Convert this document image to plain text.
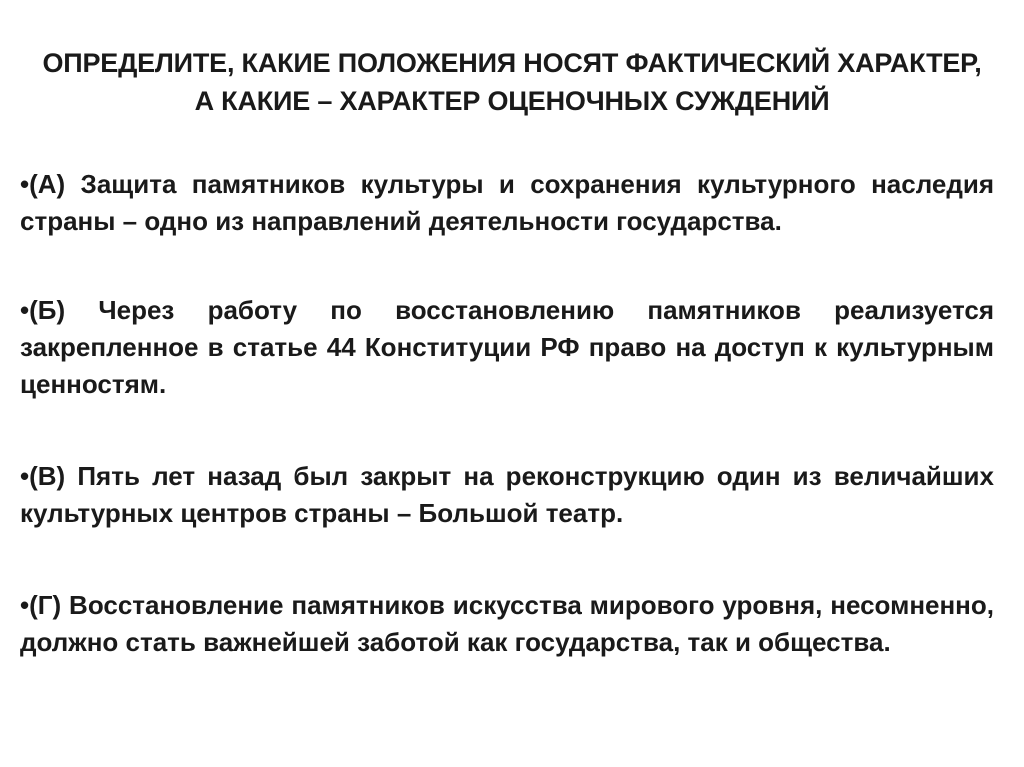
ОПРЕДЕЛИТЕ, КАКИЕ ПОЛОЖЕНИЯ НОСЯТ ФАКТИЧЕСКИЙ ХАРАКТЕР, А КАКИЕ – ХАРАКТЕР ОЦЕНОЧНЫХ СУЖДЕНИЙ
•(А) Защита памятников культуры и сохранения культурного наследия страны – одно из направлений деятельности государства.
•(Б) Через работу по восстановлению памятников реализуется закрепленное в статье 44 Конституции РФ право на доступ к культурным ценностям.
•(В) Пять лет назад был закрыт на реконструкцию один из величайших культурных центров страны – Большой театр.
•(Г) Восстановление памятников искусства мирового уровня, несомненно, должно стать важнейшей заботой как государства, так и общества.
